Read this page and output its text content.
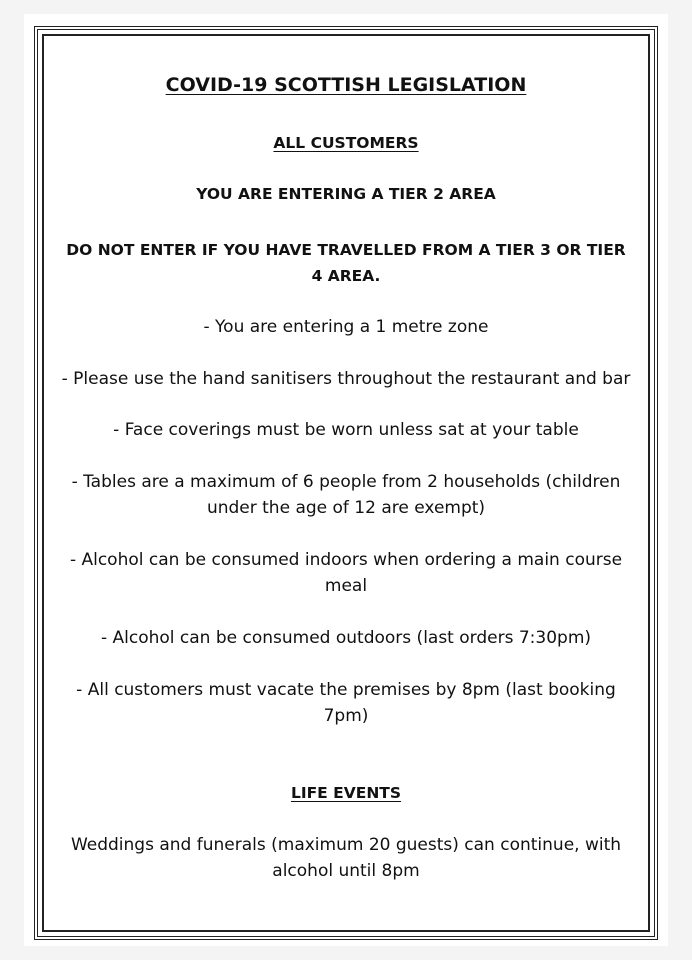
COVID-19 SCOTTISH LEGISLATION
ALL CUSTOMERS
YOU ARE ENTERING A TIER 2 AREA
DO NOT ENTER IF YOU HAVE TRAVELLED FROM A TIER 3 OR TIER 4 AREA.
- You are entering a 1 metre zone
- Please use the hand sanitisers throughout the restaurant and bar
- Face coverings must be worn unless sat at your table
- Tables are a maximum of 6 people from 2 households (children under the age of 12 are exempt)
- Alcohol can be consumed indoors when ordering a main course meal
- Alcohol can be consumed outdoors (last orders 7:30pm)
- All customers must vacate the premises by 8pm (last booking 7pm)
LIFE EVENTS
Weddings and funerals (maximum 20 guests) can continue, with alcohol until 8pm
